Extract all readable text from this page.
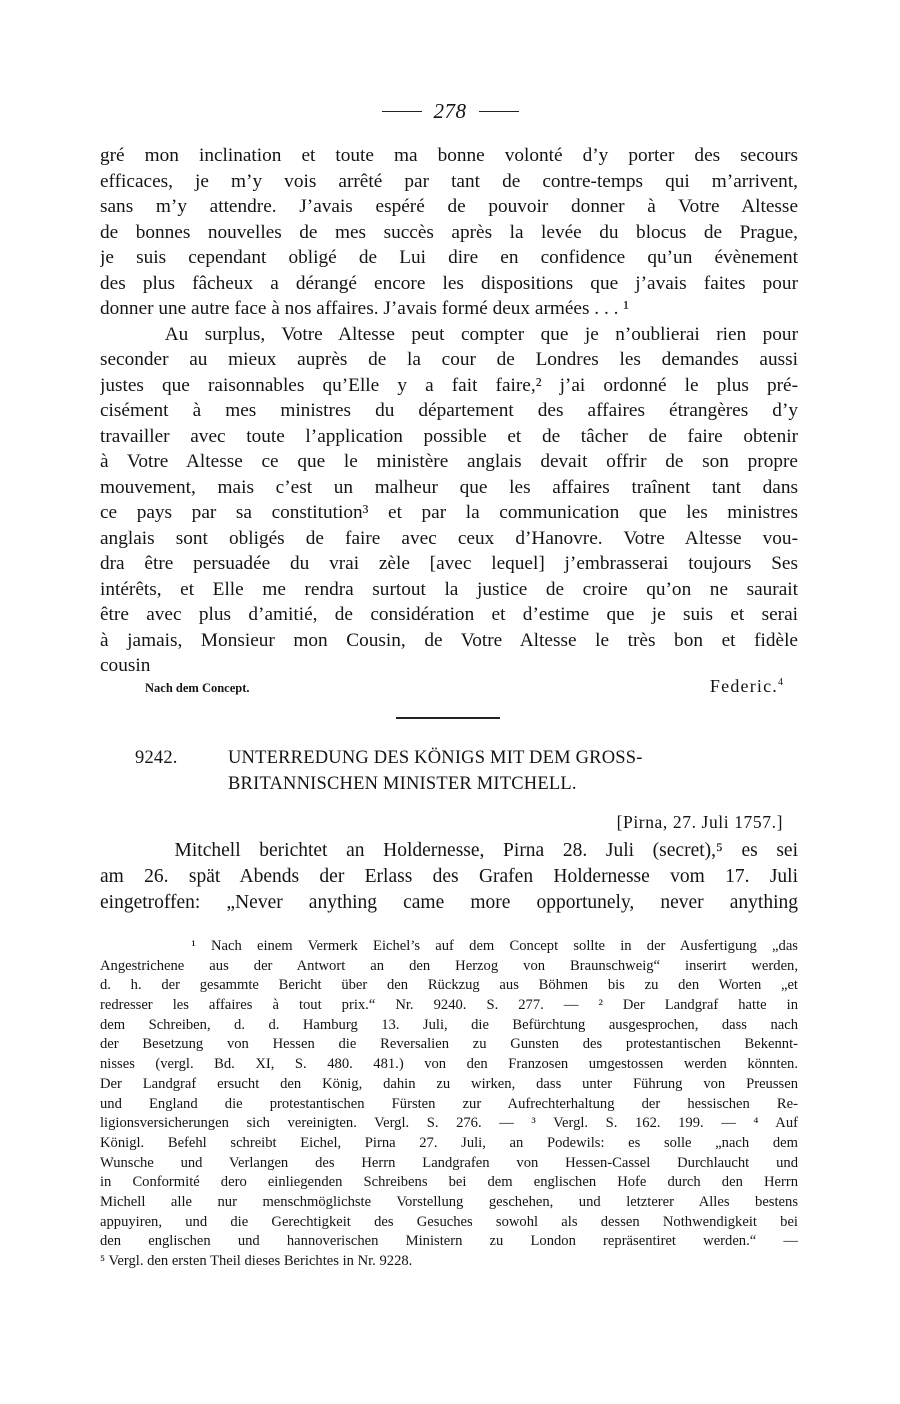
278
gré mon inclination et toute ma bonne volonté d’y porter des secours
efficaces, je m’y vois arrêté par tant de contre-temps qui m’arrivent,
sans m’y attendre. J’avais espéré de pouvoir donner à Votre Altesse
de bonnes nouvelles de mes succès après la levée du blocus de Prague,
je suis cependant obligé de Lui dire en confidence qu’un évènement
des plus fâcheux a dérangé encore les dispositions que j’avais faites pour
donner une autre face à nos affaires. J’avais formé deux armées . . . ¹
Au surplus, Votre Altesse peut compter que je n’oublierai rien pour
seconder au mieux auprès de la cour de Londres les demandes aussi
justes que raisonnables qu’Elle y a fait faire,² j’ai ordonné le plus pré-
cisément à mes ministres du département des affaires étrangères d’y
travailler avec toute l’application possible et de tâcher de faire obtenir
à Votre Altesse ce que le ministère anglais devait offrir de son propre
mouvement, mais c’est un malheur que les affaires traînent tant dans
ce pays par sa constitution³ et par la communication que les ministres
anglais sont obligés de faire avec ceux d’Hanovre. Votre Altesse vou-
dra être persuadée du vrai zèle [avec lequel] j’embrasserai toujours Ses
intérêts, et Elle me rendra surtout la justice de croire qu’on ne saurait
être avec plus d’amitié, de considération et d’estime que je suis et serai
à jamais, Monsieur mon Cousin, de Votre Altesse le très bon et fidèle
cousin
Nach dem Concept.	Federic.$^4$
9242.	UNTERREDUNG DES KÖNIGS MIT DEM GROSS-
BRITANNISCHEN MINISTER MITCHELL.
[Pirna, 27. Juli 1757.]
Mitchell berichtet an Holdernesse, Pirna 28. Juli (secret),⁵ es sei
am 26. spät Abends der Erlass des Grafen Holdernesse vom 17. Juli
eingetroffen: „Never anything came more opportunely, never anything
¹ Nach einem Vermerk Eichel’s auf dem Concept sollte in der Ausfertigung „das
Angestrichene aus der Antwort an den Herzog von Braunschweig“ inserirt werden,
d. h. der gesammte Bericht über den Rückzug aus Böhmen bis zu den Worten „et
redresser les affaires à tout prix.“ Nr. 9240. S. 277. — ² Der Landgraf hatte in
dem Schreiben, d. d. Hamburg 13. Juli, die Befürchtung ausgesprochen, dass nach
der Besetzung von Hessen die Reversalien zu Gunsten des protestantischen Bekennt-
nisses (vergl. Bd. XI, S. 480. 481.) von den Franzosen umgestossen werden könnten.
Der Landgraf ersucht den König, dahin zu wirken, dass unter Führung von Preussen
und England die protestantischen Fürsten zur Aufrechterhaltung der hessischen Re-
ligionsversicherungen sich vereinigten. Vergl. S. 276. — ³ Vergl. S. 162. 199. — ⁴ Auf
Königl. Befehl schreibt Eichel, Pirna 27. Juli, an Podewils: es solle „nach dem
Wunsche und Verlangen des Herrn Landgrafen von Hessen-Cassel Durchlaucht und
in Conformité dero einliegenden Schreibens bei dem englischen Hofe durch den Herrn
Michell alle nur menschmöglichste Vorstellung geschehen, und letzterer Alles bestens
appuyiren, und die Gerechtigkeit des Gesuches sowohl als dessen Nothwendigkeit bei
den englischen und hannoverischen Ministern zu London repräsentiret werden.“ —
⁵ Vergl. den ersten Theil dieses Berichtes in Nr. 9228.
